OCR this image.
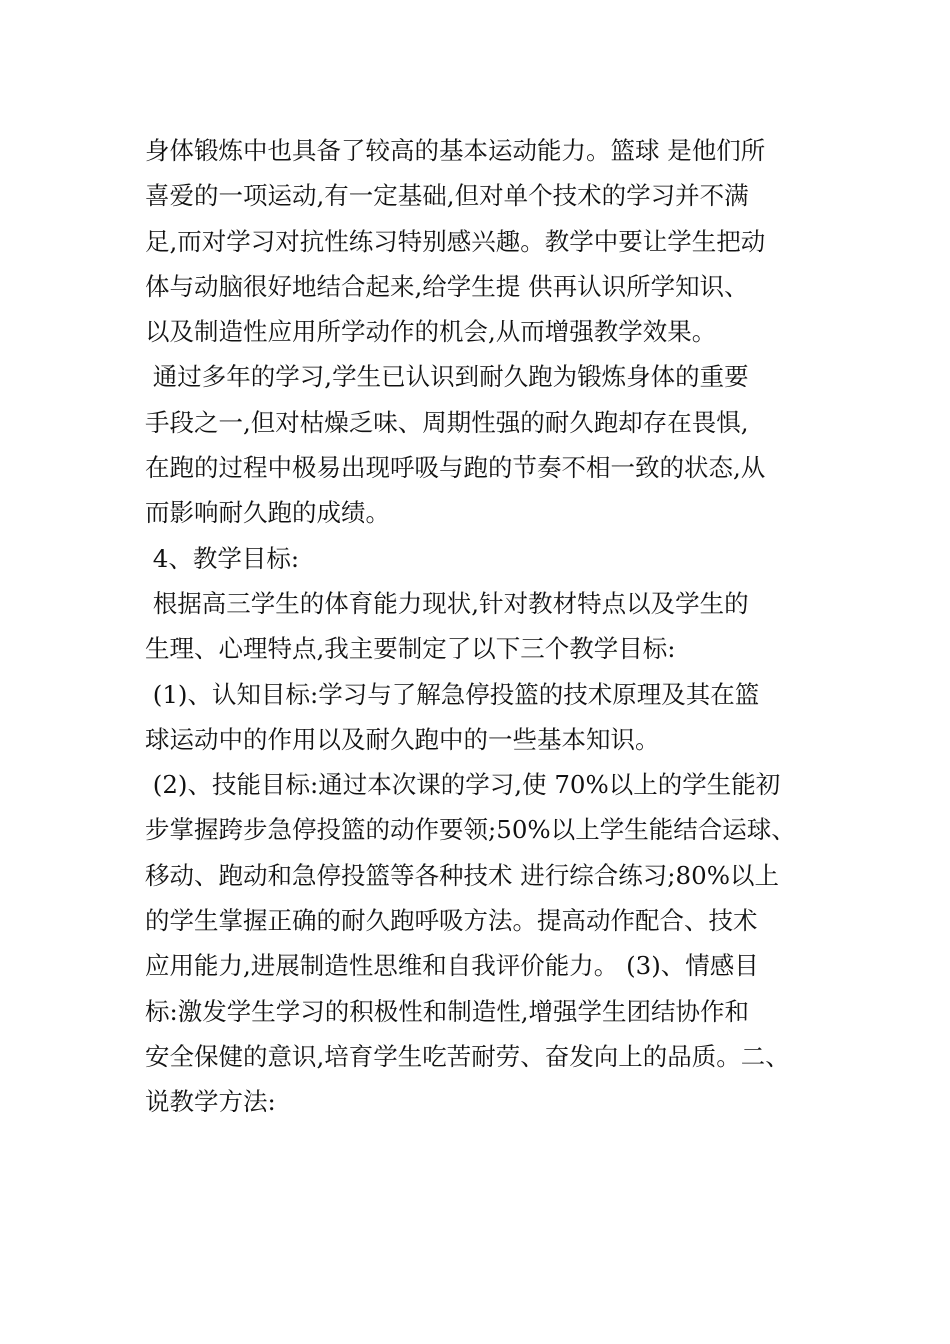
身体锻炼中也具备了较高的基本运动能力。篮球 是他们所
喜爱的一项运动,有一定基础,但对单个技术的学习并不满
足,而对学习对抗性练习特别感兴趣。教学中要让学生把动
体与动脑很好地结合起来,给学生提 供再认识所学知识、
以及制造性应用所学动作的机会,从而增强教学效果。
通过多年的学习,学生已认识到耐久跑为锻炼身体的重要
手段之一,但对枯燥乏味、周期性强的耐久跑却存在畏惧,
在跑的过程中极易出现呼吸与跑的节奏不相一致的状态,从
而影响耐久跑的成绩。
4、教学目标:
根据高三学生的体育能力现状,针对教材特点以及学生的
生理、心理特点,我主要制定了以下三个教学目标:
(1)、认知目标:学习与了解急停投篮的技术原理及其在篮
球运动中的作用以及耐久跑中的一些基本知识。
(2)、技能目标:通过本次课的学习,使 70%以上的学生能初
步掌握跨步急停投篮的动作要领;50%以上学生能结合运球、
移动、跑动和急停投篮等各种技术 进行综合练习;80%以上
的学生掌握正确的耐久跑呼吸方法。提高动作配合、技术
应用能力,进展制造性思维和自我评价能力。 (3)、情感目
标:激发学生学习的积极性和制造性,增强学生团结协作和
安全保健的意识,培育学生吃苦耐劳、奋发向上的品质。二、
说教学方法:
